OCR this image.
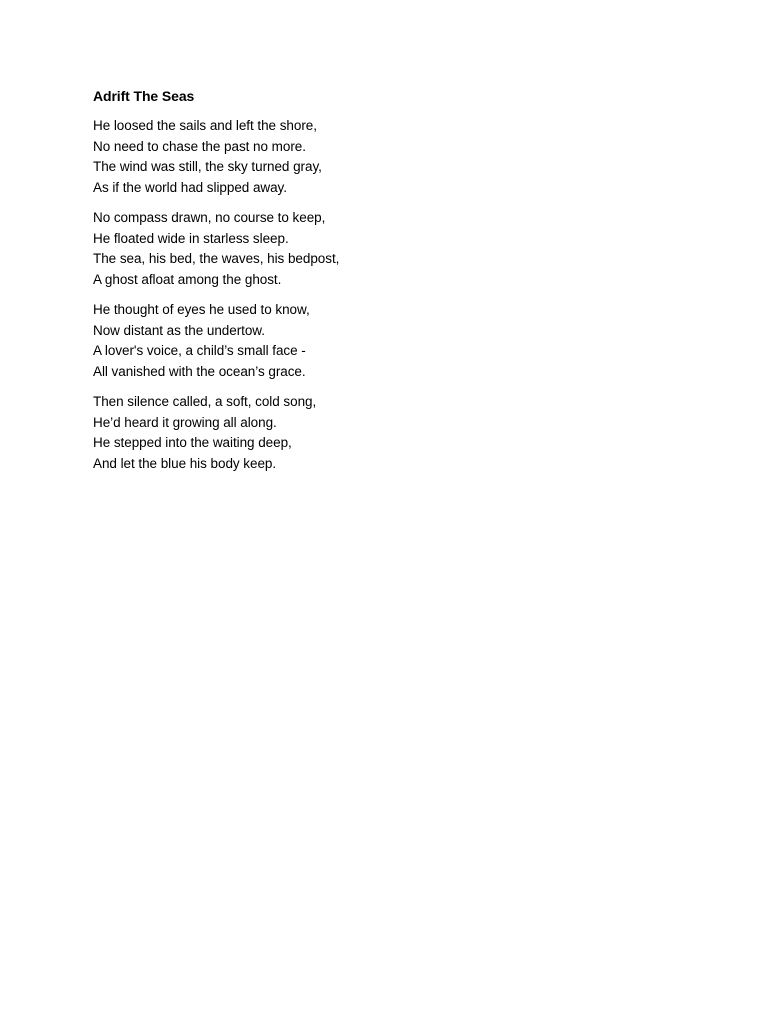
Adrift The Seas
He loosed the sails and left the shore,
No need to chase the past no more.
The wind was still, the sky turned gray,
As if the world had slipped away.
No compass drawn, no course to keep,
He floated wide in starless sleep.
The sea, his bed, the waves, his bedpost,
A ghost afloat among the ghost.
He thought of eyes he used to know,
Now distant as the undertow.
A lover's voice, a child’s small face -
All vanished with the ocean’s grace.
Then silence called, a soft, cold song,
He’d heard it growing all along.
He stepped into the waiting deep,
And let the blue his body keep.
